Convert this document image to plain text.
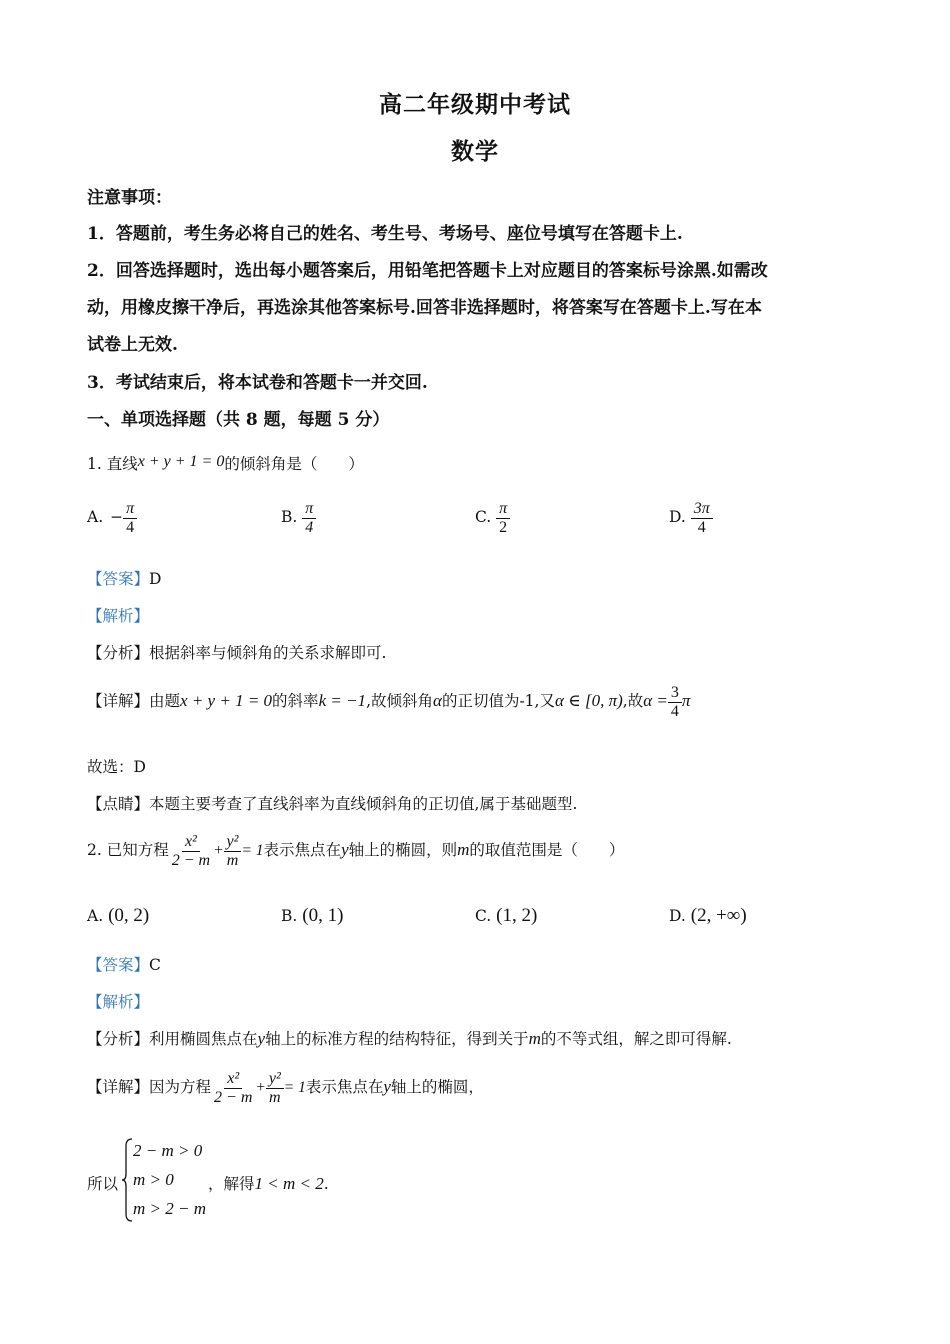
高二年级期中考试
数学
注意事项：
1．答题前，考生务必将自己的姓名、考生号、考场号、座位号填写在答题卡上.
2．回答选择题时，选出每小题答案后，用铅笔把答题卡上对应题目的答案标号涂黑.如需改
动，用橡皮擦干净后，再选涂其他答案标号.回答非选择题时，将答案写在答题卡上.写在本
试卷上无效.
3．考试结束后，将本试卷和答题卡一并交回.
一、单项选择题（共 8 题，每题 5 分）
1. 直线x + y + 1 = 0的倾斜角是（　　）
A. − $\frac{\pi}{4}$	B. $\frac{\pi}{4}$	C. $\frac{\pi}{2}$	D. $\frac{3\pi}{4}$
【答案】D
【解析】
【分析】根据斜率与倾斜角的关系求解即可.
【详解】由题x + y + 1 = 0的斜率k = −1,故倾斜角α的正切值为-1,又α ∈ [0, π),故$\alpha = \frac{3}{4}$ π
故选：D
【点睛】本题主要考查了直线斜率为直线倾斜角的正切值,属于基础题型.
2. 已知方程 $\frac{\text{x²}}{2 - m} + \frac{\text{y²}}{m} = 1$表示焦点在y轴上的椭圆，则m的取值范围是（　　）
A. (0, 2)	B. (0, 1)	C. (1, 2)	D. (2, +∞)
【答案】C
【解析】
【分析】利用椭圆焦点在y轴上的标准方程的结构特征，得到关于m的不等式组，解之即可得解.
【详解】因为方程 $\frac{\text{x²}}{2 - m} + \frac{\text{y²}}{m} = 1$表示焦点在y轴上的椭圆，
所以
2 − m > 0
m > 0
m > 2 − m
，解得1 < m < 2.
